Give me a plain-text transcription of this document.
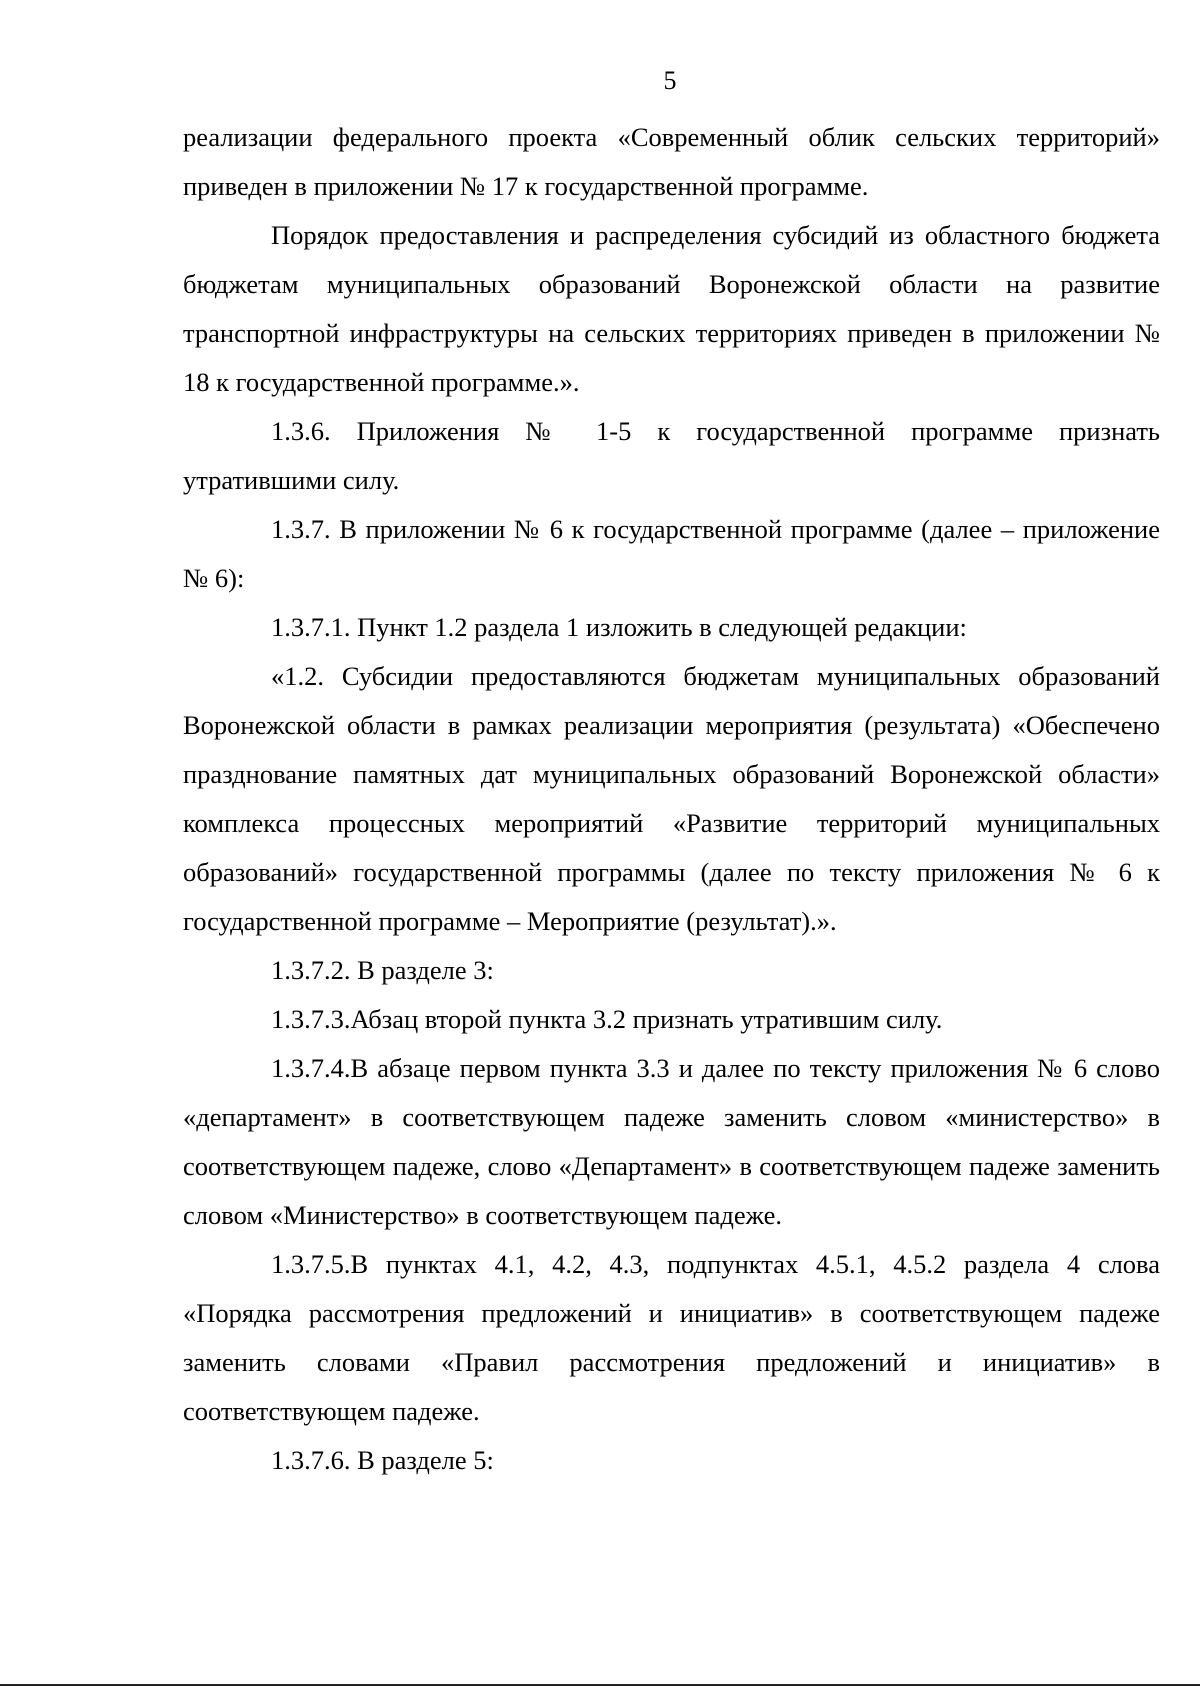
5

реализации федерального проекта «Современный облик сельских территорий» приведен в приложении № 17 к государственной программе.

Порядок предоставления и распределения субсидий из областного бюджета бюджетам муниципальных образований Воронежской области на развитие транспортной инфраструктуры на сельских территориях приведен в приложении № 18 к государственной программе.».

1.3.6. Приложения № 1-5 к государственной программе признать утратившими силу.

1.3.7. В приложении № 6 к государственной программе (далее – приложение № 6):

1.3.7.1. Пункт 1.2 раздела 1 изложить в следующей редакции:

«1.2. Субсидии предоставляются бюджетам муниципальных образований Воронежской области в рамках реализации мероприятия (результата) «Обеспечено празднование памятных дат муниципальных образований Воронежской области» комплекса процессных мероприятий «Развитие территорий муниципальных образований» государственной программы (далее по тексту приложения № 6 к государственной программе – Мероприятие (результат).».

1.3.7.2. В разделе 3:

1.3.7.3.Абзац второй пункта 3.2 признать утратившим силу.

1.3.7.4.В абзаце первом пункта 3.3 и далее по тексту приложения № 6 слово «департамент» в соответствующем падеже заменить словом «министерство» в соответствующем падеже, слово «Департамент» в соответствующем падеже заменить словом «Министерство» в соответствующем падеже.

1.3.7.5.В пунктах 4.1, 4.2, 4.3, подпунктах 4.5.1, 4.5.2 раздела 4 слова «Порядка рассмотрения предложений и инициатив» в соответствующем падеже заменить словами «Правил рассмотрения предложений и инициатив» в соответствующем падеже.

1.3.7.6. В разделе 5:
